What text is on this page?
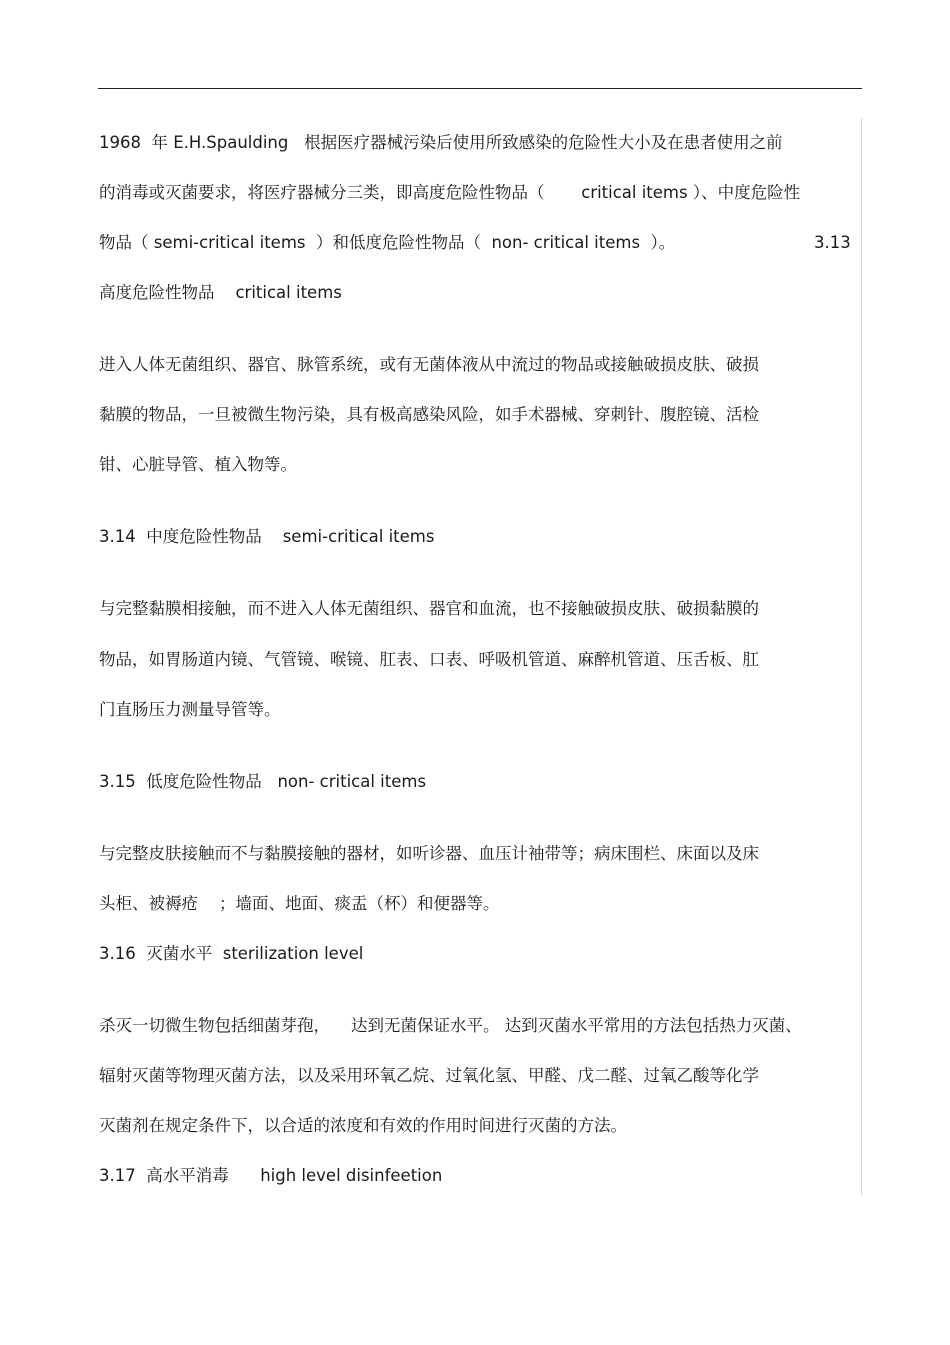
1968  年 E.H.Spaulding   根据医疗器械污染后使用所致感染的危险性大小及在患者使用之前

的消毒或灭菌要求，将医疗器械分三类，即高度危险性物品（       critical items ）、中度危险性

物品（ semi-critical items  ）和低度危险性物品（  non- critical items  ）。	3.13

高度危险性物品    critical items

进入人体无菌组织、器官、脉管系统，或有无菌体液从中流过的物品或接触破损皮肤、破损

黏膜的物品，一旦被微生物污染，具有极高感染风险，如手术器械、穿刺针、腹腔镜、活检

钳、心脏导管、植入物等。

3.14  中度危险性物品    semi-critical items

与完整黏膜相接触，而不进入人体无菌组织、器官和血流，也不接触破损皮肤、破损黏膜的

物品，如胃肠道内镜、气管镜、喉镜、肛表、口表、呼吸机管道、麻醉机管道、压舌板、肛

门直肠压力测量导管等。

3.15  低度危险性物品   non- critical items

与完整皮肤接触而不与黏膜接触的器材，如听诊器、血压计袖带等；病床围栏、床面以及床

头柜、被褥疮    ；墙面、地面、痰盂（杯）和便器等。

3.16  灭菌水平  sterilization level

杀灭一切微生物包括细菌芽孢，    达到无菌保证水平。 达到灭菌水平常用的方法包括热力灭菌、

辐射灭菌等物理灭菌方法，以及采用环氧乙烷、过氧化氢、甲醛、戊二醛、过氧乙酸等化学

灭菌剂在规定条件下，以合适的浓度和有效的作用时间进行灭菌的方法。

3.17  高水平消毒      high level disinfeetion
